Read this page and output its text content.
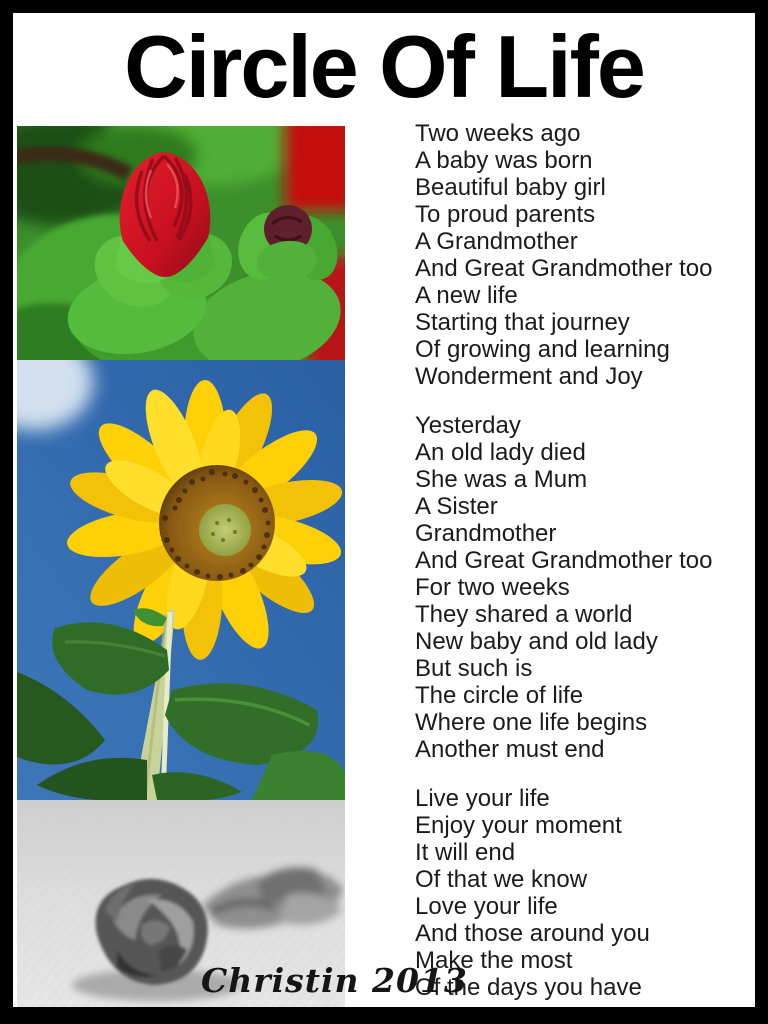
Circle Of Life
Two weeks ago
A baby was born
Beautiful baby girl
To proud parents
A Grandmother
And Great Grandmother too
A new life
Starting that journey
Of growing and learning
Wonderment and Joy
Yesterday
An old lady died
She was a Mum
A Sister
Grandmother
And Great Grandmother too
For two weeks
They shared a world
New baby and old lady
But such is
The circle of life
Where one life begins
Another must end
Live your life
Enjoy your moment
It will end
Of that we know
Love your life
And those around you
Make the most
Of the days you have
Christin 2013
